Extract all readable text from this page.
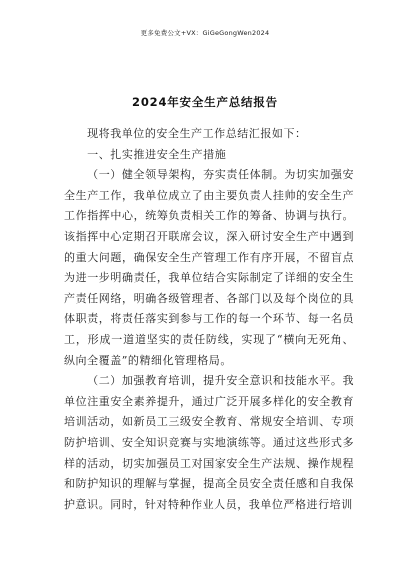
更多免费公文+VX：GiGeGongWen2024
2024年安全生产总结报告

现将我单位的安全生产工作总结汇报如下：

一、扎实推进安全生产措施

（一）健全领导架构，夯实责任体制。为切实加强安全生产工作，我单位成立了由主要负责人挂帅的安全生产工作指挥中心，统筹负责相关工作的筹备、协调与执行。该指挥中心定期召开联席会议，深入研讨安全生产中遇到的重大问题，确保安全生产管理工作有序开展，不留盲点为进一步明确责任，我单位结合实际制定了详细的安全生产责任网络，明确各级管理者、各部门以及每个岗位的具体职责，将责任落实到参与工作的每一个环节、每一名员工，形成一道道坚实的责任防线，实现了“横向无死角、纵向全覆盖”的精细化管理格局。

（二）加强教育培训，提升安全意识和技能水平。我单位注重安全素养提升，通过广泛开展多样化的安全教育培训活动，如新员工三级安全教育、常规安全培训、专项防护培训、安全知识竞赛与实地演练等。通过这些形式多样的活动，切实加强员工对国家安全生产法规、操作规程和防护知识的理解与掌握，提高全员安全责任感和自我保护意识。同时，针对特种作业人员，我单位严格进行培训
